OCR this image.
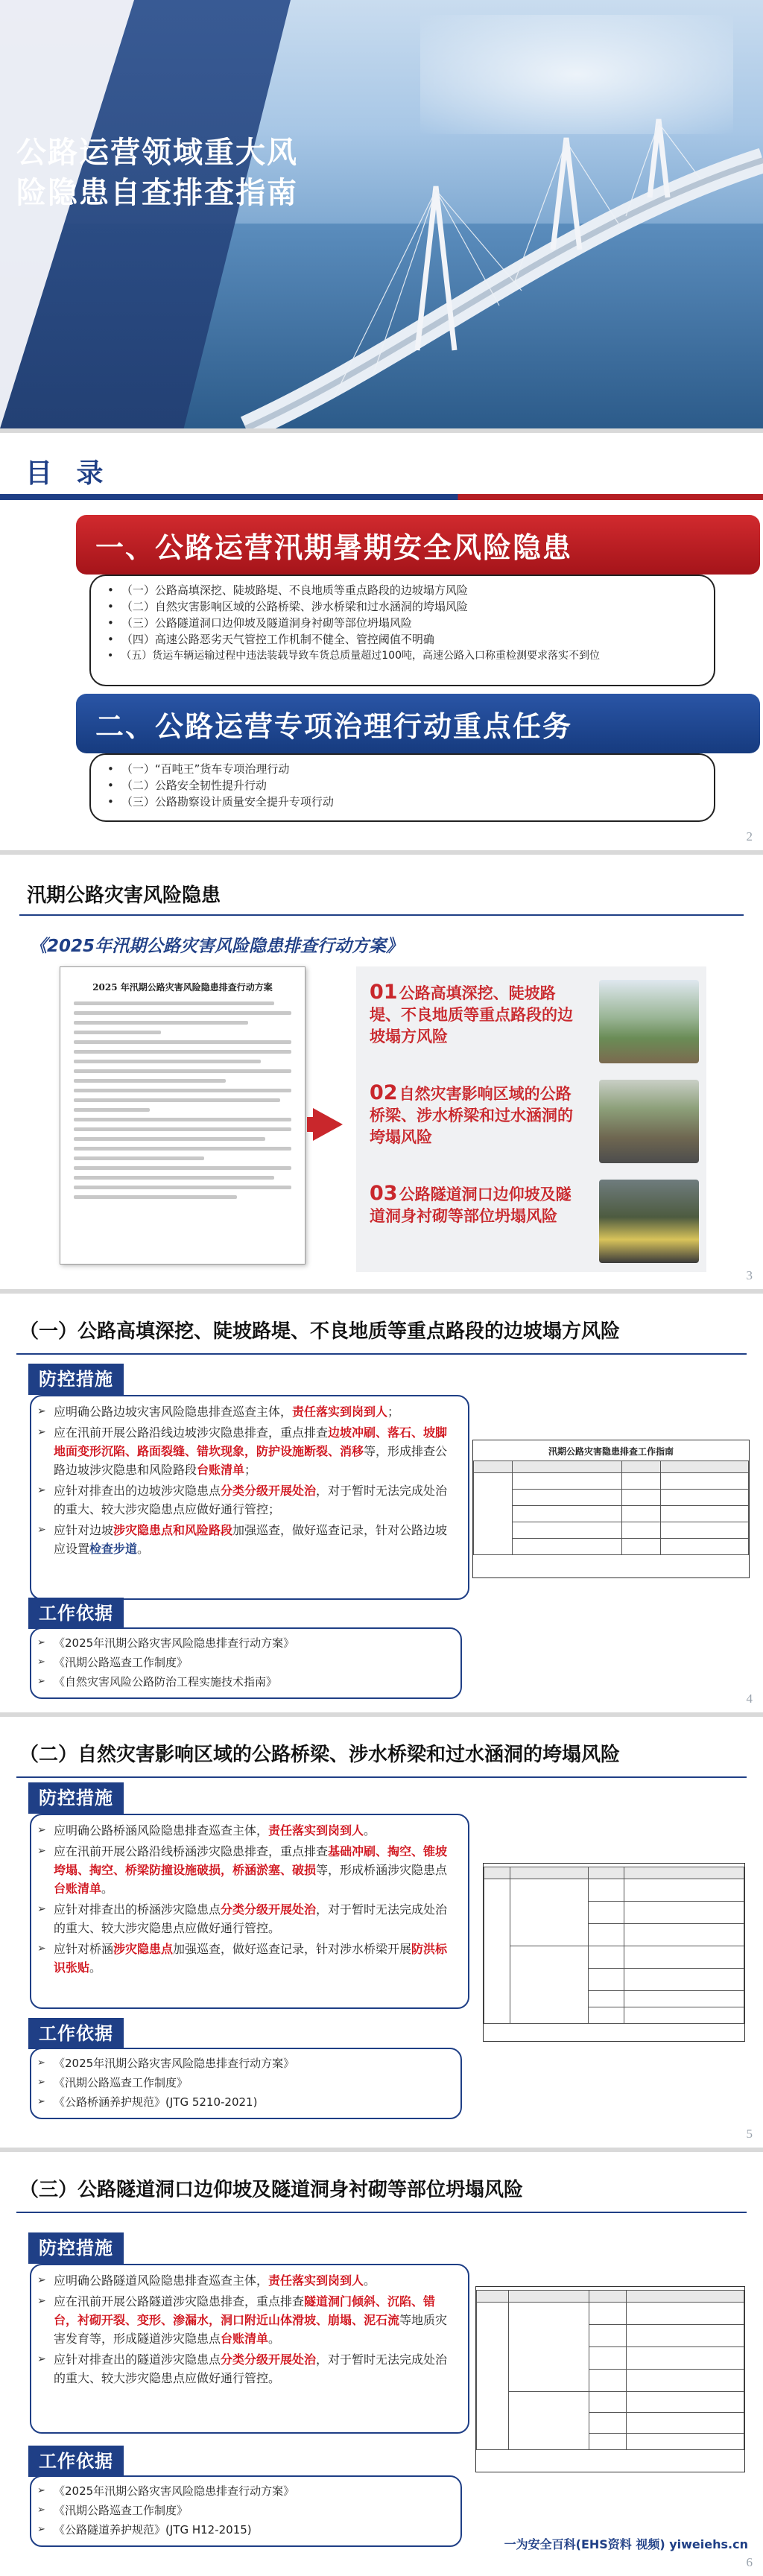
公路运营领域重大风
险隐患自查排查指南
目 录
一、公路运营汛期暑期安全风险隐患
• （一）公路高填深挖、陡坡路堤、不良地质等重点路段的边坡塌方风险
• （二）自然灾害影响区域的公路桥梁、涉水桥梁和过水涵洞的垮塌风险
• （三）公路隧道洞口边仰坡及隧道洞身衬砌等部位坍塌风险
• （四）高速公路恶劣天气管控工作机制不健全、管控阈值不明确
• （五）货运车辆运输过程中违法装载导致车货总质量超过100吨，高速公路入口称重检测要求落实不到位
二、公路运营专项治理行动重点任务
• （一）“百吨王”货车专项治理行动
• （二）公路安全韧性提升行动
• （三）公路勘察设计质量安全提升专项行动
2
汛期公路灾害风险隐患
《2025年汛期公路灾害风险隐患排查行动方案》
2025 年汛期公路灾害风险隐患排查行动方案	01公路高填深挖、陡坡路堤、不良地质等重点路段的边坡塌方风险
02自然灾害影响区域的公路桥梁、涉水桥梁和过水涵洞的垮塌风险
03公路隧道洞口边仰坡及隧道洞身衬砌等部位坍塌风险
3
（一）公路高填深挖、陡坡路堤、不良地质等重点路段的边坡塌方风险
防控措施

➢ 应明确公路边坡灾害风险隐患排查巡查主体，责任落实到岗到人；

➢ 应在汛前开展公路沿线边坡涉灾隐患排查，重点排查边坡冲刷、落石、坡脚地面变形沉陷、路面裂缝、错坎现象，防护设施断裂、消移等，形成排查公路边坡涉灾隐患和风险路段台账清单；

➢ 应针对排查出的边坡涉灾隐患点分类分级开展处治，对于暂时无法完成处治的重大、较大涉灾隐患点应做好通行管控；

➢ 应针对边坡涉灾隐患点和风险路段加强巡查，做好巡查记录，针对公路边坡应设置检查步道。

工作依据

➢ 《2025年汛期公路灾害风险隐患排查行动方案》

➢ 《汛期公路巡查工作制度》

➢ 《自然灾害风险公路防治工程实施技术指南》

汛期公路灾害隐患排查工作指南

4
（二）自然灾害影响区域的公路桥梁、涉水桥梁和过水涵洞的垮塌风险
防控措施

➢ 应明确公路桥涵风险隐患排查巡查主体，责任落实到岗到人。

➢ 应在汛前开展公路沿线桥涵涉灾隐患排查，重点排查基础冲刷、掏空、锥坡垮塌、掏空、桥梁防撞设施破损，桥涵淤塞、破损等，形成桥涵涉灾隐患点台账清单。

➢ 应针对排查出的桥涵涉灾隐患点分类分级开展处治，对于暂时无法完成处治的重大、较大涉灾隐患点应做好通行管控。

➢ 应针对桥涵涉灾隐患点加强巡查，做好巡查记录，针对涉水桥梁开展防洪标识张贴。

工作依据

➢ 《2025年汛期公路灾害风险隐患排查行动方案》

➢ 《汛期公路巡查工作制度》

➢ 《公路桥涵养护规范》(JTG 5210-2021)

5
（三）公路隧道洞口边仰坡及隧道洞身衬砌等部位坍塌风险
防控措施

➢ 应明确公路隧道风险隐患排查巡查主体，责任落实到岗到人。

➢ 应在汛前开展公路隧道涉灾隐患排查，重点排查隧道洞门倾斜、沉陷、错台，衬砌开裂、变形、渗漏水，洞口附近山体滑坡、崩塌、泥石流等地质灾害发育等，形成隧道涉灾隐患点台账清单。

➢ 应针对排查出的隧道涉灾隐患点分类分级开展处治，对于暂时无法完成处治的重大、较大涉灾隐患点应做好通行管控。

工作依据

➢ 《2025年汛期公路灾害风险隐患排查行动方案》

➢ 《汛期公路巡查工作制度》

➢ 《公路隧道养护规范》(JTG H12-2015)

一为安全百科(EHS资料 视频) yiweiehs.cn
6
